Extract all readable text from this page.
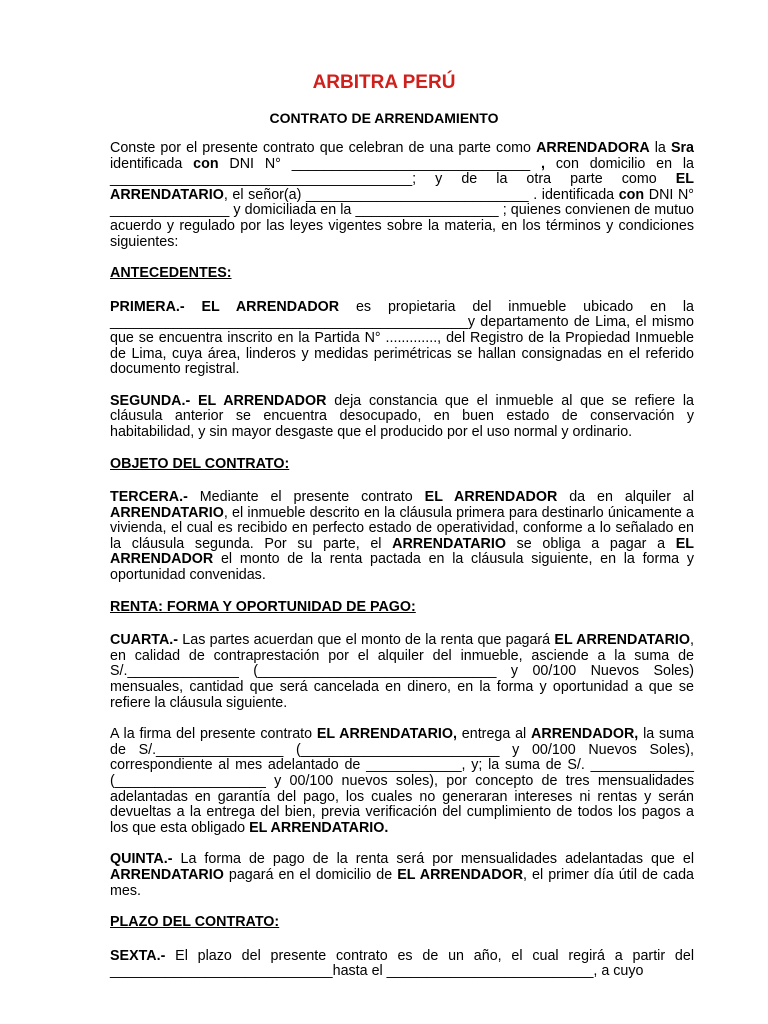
ARBITRA PERÚ
CONTRATO DE ARRENDAMIENTO

Conste por el presente contrato que celebran de una parte como ARRENDADORA la Sra identificada con DNI N° ______________________________ , con domicilio en la ______________________________________; y de la otra parte como EL ARRENDATARIO, el señor(a) ____________________________ . identificada con DNI N° _______________ y domiciliada en la __________________ ; quienes convienen de mutuo acuerdo y regulado por las leyes vigentes sobre la materia, en los términos y condiciones siguientes:

ANTECEDENTES:

PRIMERA.- EL ARRENDADOR es propietaria del inmueble ubicado en la _____________________________________________y departamento de Lima, el mismo que se encuentra inscrito en la Partida N° ............., del Registro de la Propiedad Inmueble de Lima, cuya área, linderos y medidas perimétricas se hallan consignadas en el referido documento registral.

SEGUNDA.- EL ARRENDADOR deja constancia que el inmueble al que se refiere la cláusula anterior se encuentra desocupado, en buen estado de conservación y habitabilidad, y sin mayor desgaste que el producido por el uso normal y ordinario.

OBJETO DEL CONTRATO:

TERCERA.- Mediante el presente contrato EL ARRENDADOR da en alquiler al ARRENDATARIO, el inmueble descrito en la cláusula primera para destinarlo únicamente a vivienda, el cual es recibido en perfecto estado de operatividad, conforme a lo señalado en la cláusula segunda. Por su parte, el ARRENDATARIO se obliga a pagar a EL ARRENDADOR el monto de la renta pactada en la cláusula siguiente, en la forma y oportunidad convenidas.

RENTA: FORMA Y OPORTUNIDAD DE PAGO:

CUARTA.- Las partes acuerdan que el monto de la renta que pagará EL ARRENDATARIO, en calidad de contraprestación por el alquiler del inmueble, asciende a la suma de S/.______________ (______________________________ y 00/100 Nuevos Soles) mensuales, cantidad que será cancelada en dinero, en la forma y oportunidad a que se refiere la cláusula siguiente.

A la firma del presente contrato EL ARRENDATARIO, entrega al ARRENDADOR, la suma de S/.________________ (_________________________ y 00/100 Nuevos Soles), correspondiente al mes adelantado de ____________, y; la suma de S/. _____________ (___________________ y 00/100 nuevos soles), por concepto de tres mensualidades adelantadas en garantía del pago, los cuales no generaran intereses ni rentas y serán devueltas a la entrega del bien, previa verificación del cumplimiento de todos los pagos a los que esta obligado EL ARRENDATARIO.

QUINTA.- La forma de pago de la renta será por mensualidades adelantadas que el ARRENDATARIO pagará en el domicilio de EL ARRENDADOR, el primer día útil de cada mes.

PLAZO DEL CONTRATO:

SEXTA.- El plazo del presente contrato es de un año, el cual regirá a partir del ____________________________hasta el __________________________, a cuyo
